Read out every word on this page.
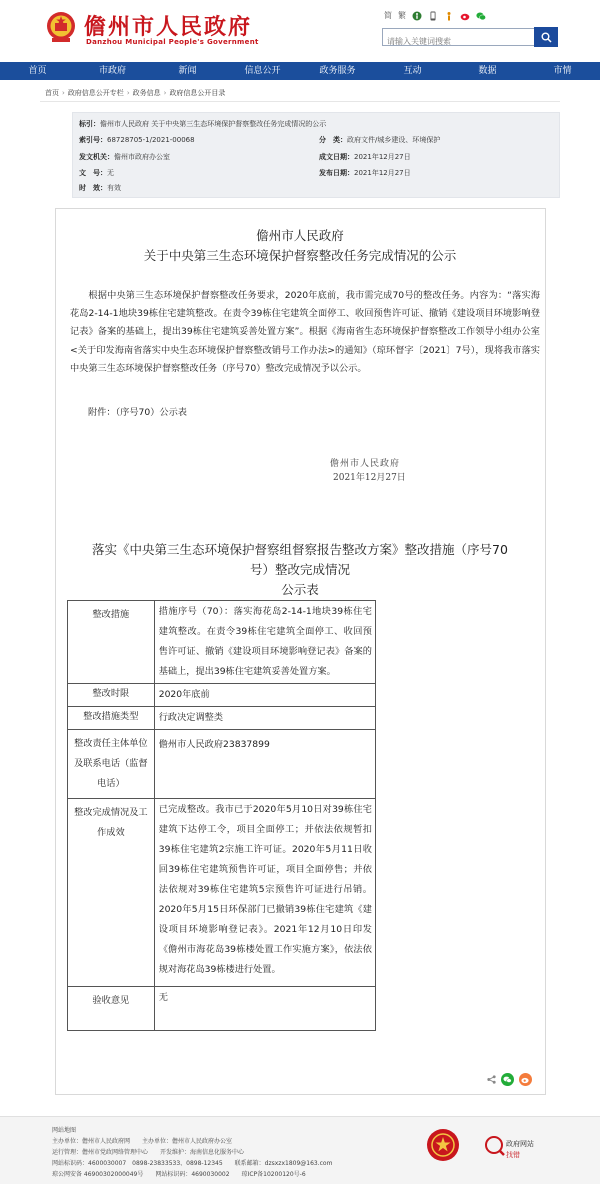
儋州市人民政府
Danzhou Municipal People's Government
简 繁
请输入关键词搜索
首页	市政府	新闻	信息公开	政务服务	互动	数据	市情
首页 › 政府信息公开专栏 › 政务信息 › 政府信息公开目录
标引：儋州市人民政府 关于中央第三生态环境保护督察整改任务完成情况的公示
索引号：68728705-1/2021-00068	分　类：政府文件/城乡建设、环境保护
发文机关：儋州市政府办公室	成文日期：2021年12月27日
文　号：无	发布日期：2021年12月27日
时　效：有效
儋州市人民政府
关于中央第三生态环境保护督察整改任务完成情况的公示

根据中央第三生态环境保护督察整改任务要求，2020年底前，我市需完成70号的整改任务。内容为：“落实海花岛2-14-1地块39栋住宅建筑整改。在责令39栋住宅建筑全面停工、收回预售许可证、撤销《建设项目环境影响登记表》备案的基础上，提出39栋住宅建筑妥善处置方案”。根据《海南省生态环境保护督察整改工作领导小组办公室<关于印发海南省落实中央生态环境保护督察整改销号工作办法>的通知》（琼环督字〔2021〕7号），现将我市落实中央第三生态环境保护督察整改任务（序号70）整改完成情况予以公示。

附件：（序号70）公示表
儋州市人民政府
2021年12月27日
落实《中央第三生态环境保护督察组督察报告整改方案》整改措施（序号70
号）整改完成情况
公示表
整改措施	措施序号（70）：落实海花岛2-14-1地块39栋住宅建筑整改。在责令39栋住宅建筑全面停工、收回预售许可证、撤销《建设项目环境影响登记表》备案的基础上，提出39栋住宅建筑妥善处置方案。
整改时限	2020年底前
整改措施类型	行政决定调整类
整改责任主体单位及联系电话（监督电话）	儋州市人民政府23837899
整改完成情况及工作成效	已完成整改。我市已于2020年5月10日对39栋住宅建筑下达停工令，项目全面停工；并依法依规暂扣39栋住宅建筑2宗施工许可证。2020年5月11日收回39栋住宅建筑预售许可证，项目全面停售；并依法依规对39栋住宅建筑5宗预售许可证进行吊销。2020年5月15日环保部门已撤销39栋住宅建筑《建设项目环境影响登记表》。2021年12月10日印发《儋州市海花岛39栋楼处置工作实施方案》，依法依规对海花岛39栋楼进行处置。
验收意见	无
网站地图
主办单位：儋州市人民政府网 主办单位：儋州市人民政府办公室
运行管理：儋州市党政网络管理中心 开发维护：海南信息化服务中心
网站标识码：4600030007　0898-23833533、0898-12345 联系邮箱：dzsxzx1809@163.com
琼公网安备 46900302000049号 网站标识码：4690030002 琼ICP备10200120号-6
政府网站
找错
